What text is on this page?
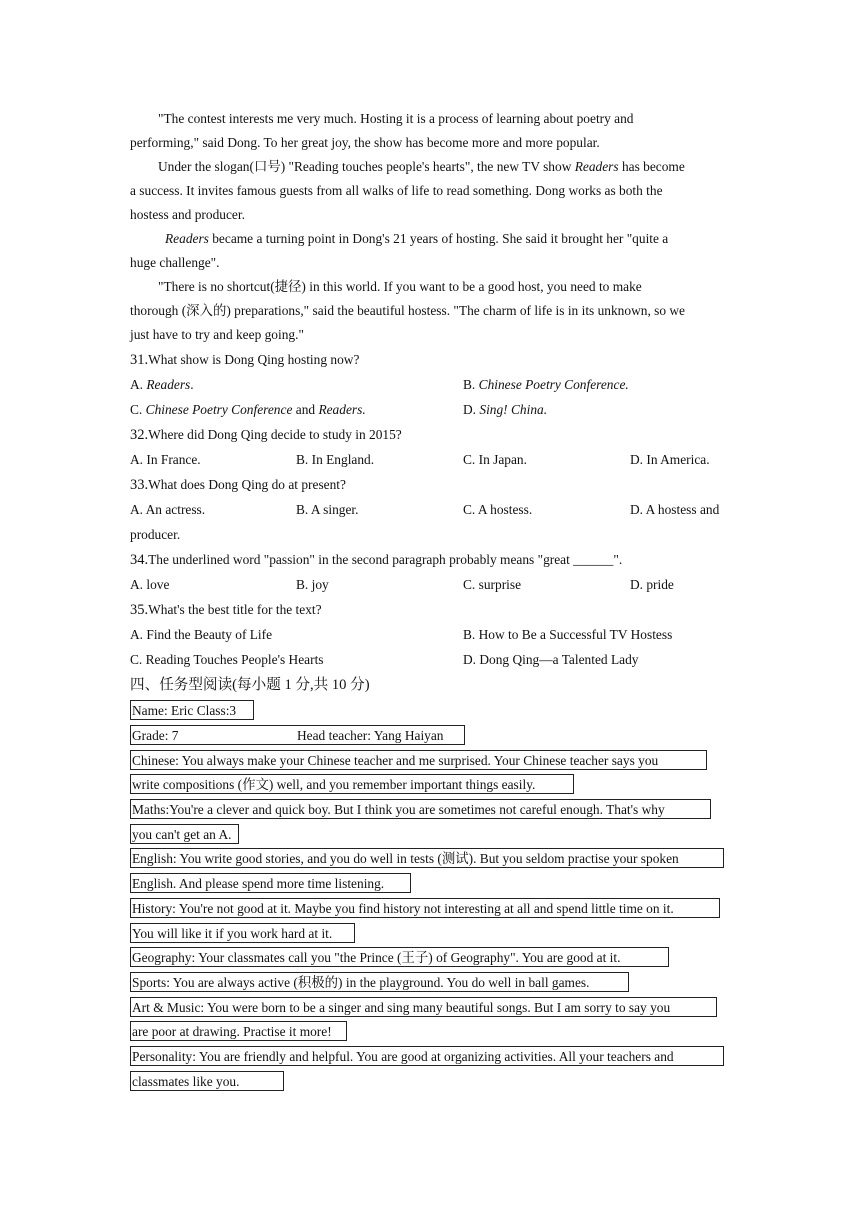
"The contest interests me very much. Hosting it is a process of learning about poetry and
performing," said Dong. To her great joy, the show has become more and more popular.
Under the slogan(口号) "Reading touches people's hearts", the new TV show Readers has become
a success. It invites famous guests from all walks of life to read something. Dong works as both the
hostess and producer.
Readers became a turning point in Dong's 21 years of hosting. She said it brought her "quite a
huge challenge".
"There is no shortcut(捷径) in this world. If you want to be a good host, you need to make
thorough (深入的) preparations," said the beautiful hostess. "The charm of life is in its unknown, so we
just have to try and keep going."
31.What show is Dong Qing hosting now?
A. Readers.	B. Chinese Poetry Conference.
C. Chinese Poetry Conference and Readers.	D. Sing! China.
32.Where did Dong Qing decide to study in 2015?
A. In France.	B. In England.	C. In Japan.	D. In America.
33.What does Dong Qing do at present?
A. An actress.	B. A singer.	C. A hostess.	D. A hostess and
producer.
34.The underlined word "passion" in the second paragraph probably means "great ______".
A. love	B. joy	C. surprise	D. pride
35.What's the best title for the text?
A. Find the Beauty of Life	B. How to Be a Successful TV Hostess
C. Reading Touches People's Hearts	D. Dong Qing—a Talented Lady
四、任务型阅读(每小题 1 分,共 10 分)
Name: Eric Class:3
Grade: 7	Head teacher: Yang Haiyan
Chinese: You always make your Chinese teacher and me surprised. Your Chinese teacher says you
write compositions (作文) well, and you remember important things easily.
Maths:You're a clever and quick boy. But I think you are sometimes not careful enough. That's why
you can't get an A.
English: You write good stories, and you do well in tests (测试). But you seldom practise your spoken
English. And please spend more time listening.
History: You're not good at it. Maybe you find history not interesting at all and spend little time on it.
You will like it if you work hard at it.
Geography: Your classmates call you "the Prince (王子) of Geography". You are good at it.
Sports: You are always active (积极的) in the playground. You do well in ball games.
Art & Music: You were born to be a singer and sing many beautiful songs. But I am sorry to say you
are poor at drawing. Practise it more!
Personality: You are friendly and helpful. You are good at organizing activities. All your teachers and
classmates like you.
